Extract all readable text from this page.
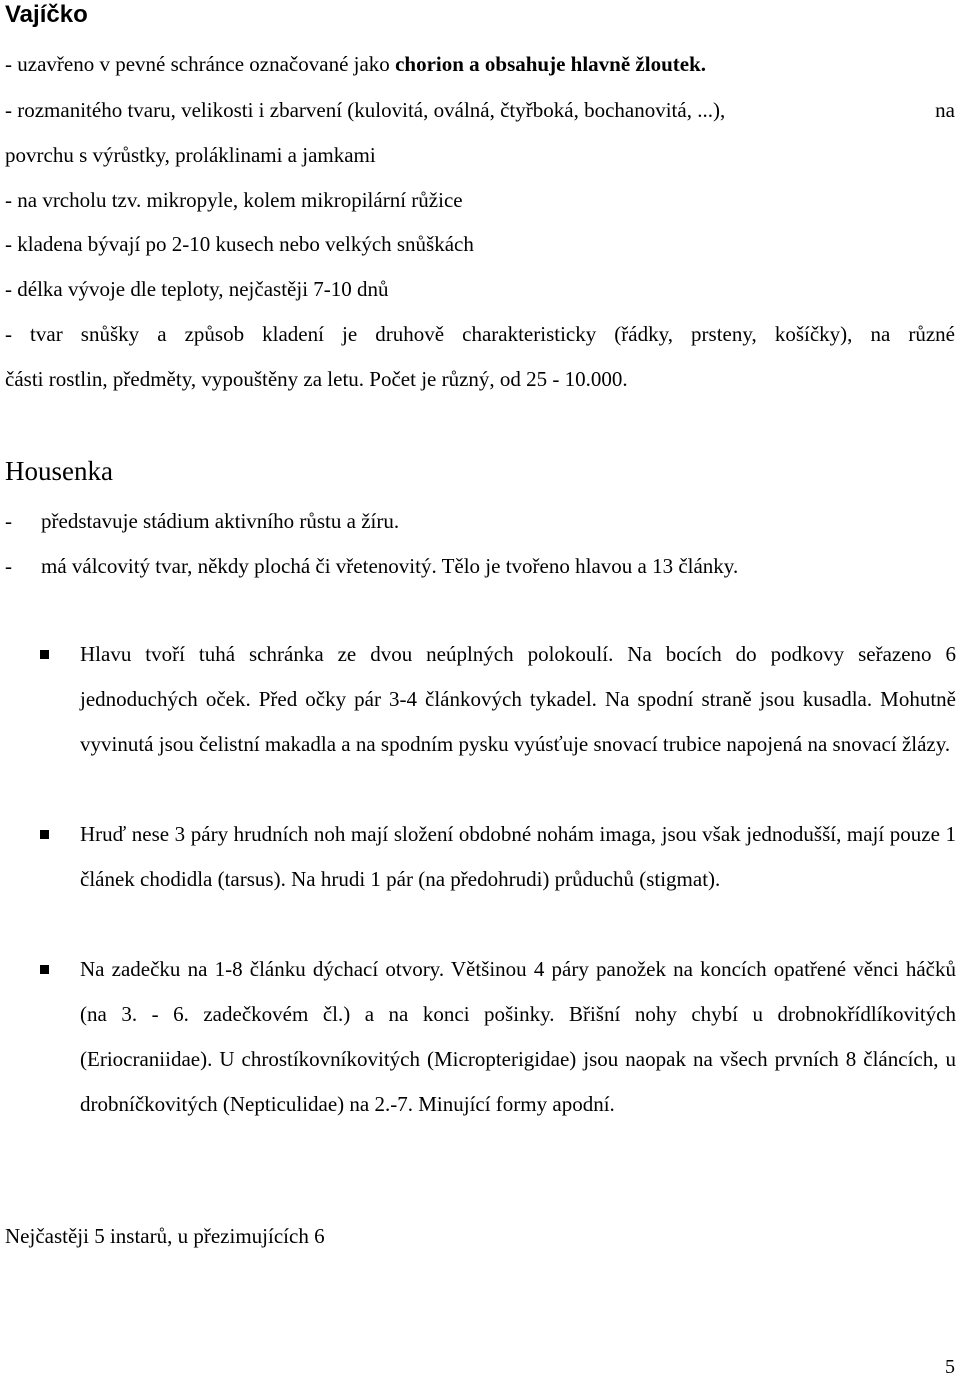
Vajíčko
- uzavřeno v pevné schránce označované jako chorion a obsahuje hlavně žloutek.
- rozmanitého tvaru, velikosti i zbarvení (kulovitá, oválná, čtyřboká, bochanovitá, ...),	na
povrchu s výrůstky, proláklinami a jamkami
- na vrcholu tzv. mikropyle, kolem mikropilární růžice
- kladena bývají po 2-10 kusech nebo velkých snůškách
- délka vývoje dle teploty, nejčastěji 7-10 dnů
- tvar snůšky a způsob kladení je druhově charakteristicky (řádky, prsteny, košíčky), na různé
části rostlin, předměty, vypouštěny za letu. Počet je různý, od 25 - 10.000.
Housenka
- představuje stádium aktivního růstu a žíru.
- má válcovitý tvar, někdy plochá či vřetenovitý. Tělo je tvořeno hlavou a 13 články.
Hlavu tvoří tuhá schránka ze dvou neúplných polokoulí. Na bocích do podkovy seřazeno 6 jednoduchých oček. Před očky pár 3-4 článkových tykadel. Na spodní straně jsou kusadla. Mohutně vyvinutá jsou čelistní makadla a na spodním pysku vyúsťuje snovací trubice napojená na snovací žlázy.
Hruď nese 3 páry hrudních noh mají složení obdobné nohám imaga, jsou však jednodušší, mají pouze 1 článek chodidla (tarsus). Na hrudi 1 pár (na předohrudi) průduchů (stigmat).
Na zadečku na 1-8 článku dýchací otvory. Většinou 4 páry panožek na koncích opatřené věnci háčků (na 3. - 6. zadečkovém čl.) a na konci pošinky. Břišní nohy chybí u drobnokřídlíkovitých (Eriocraniidae). U chrostíkovníkovitých (Micropterigidae) jsou naopak na všech prvních 8 článcích, u drobníčkovitých (Nepticulidae) na 2.-7. Minující formy apodní.
Nejčastěji 5 instarů, u přezimujících 6
5
